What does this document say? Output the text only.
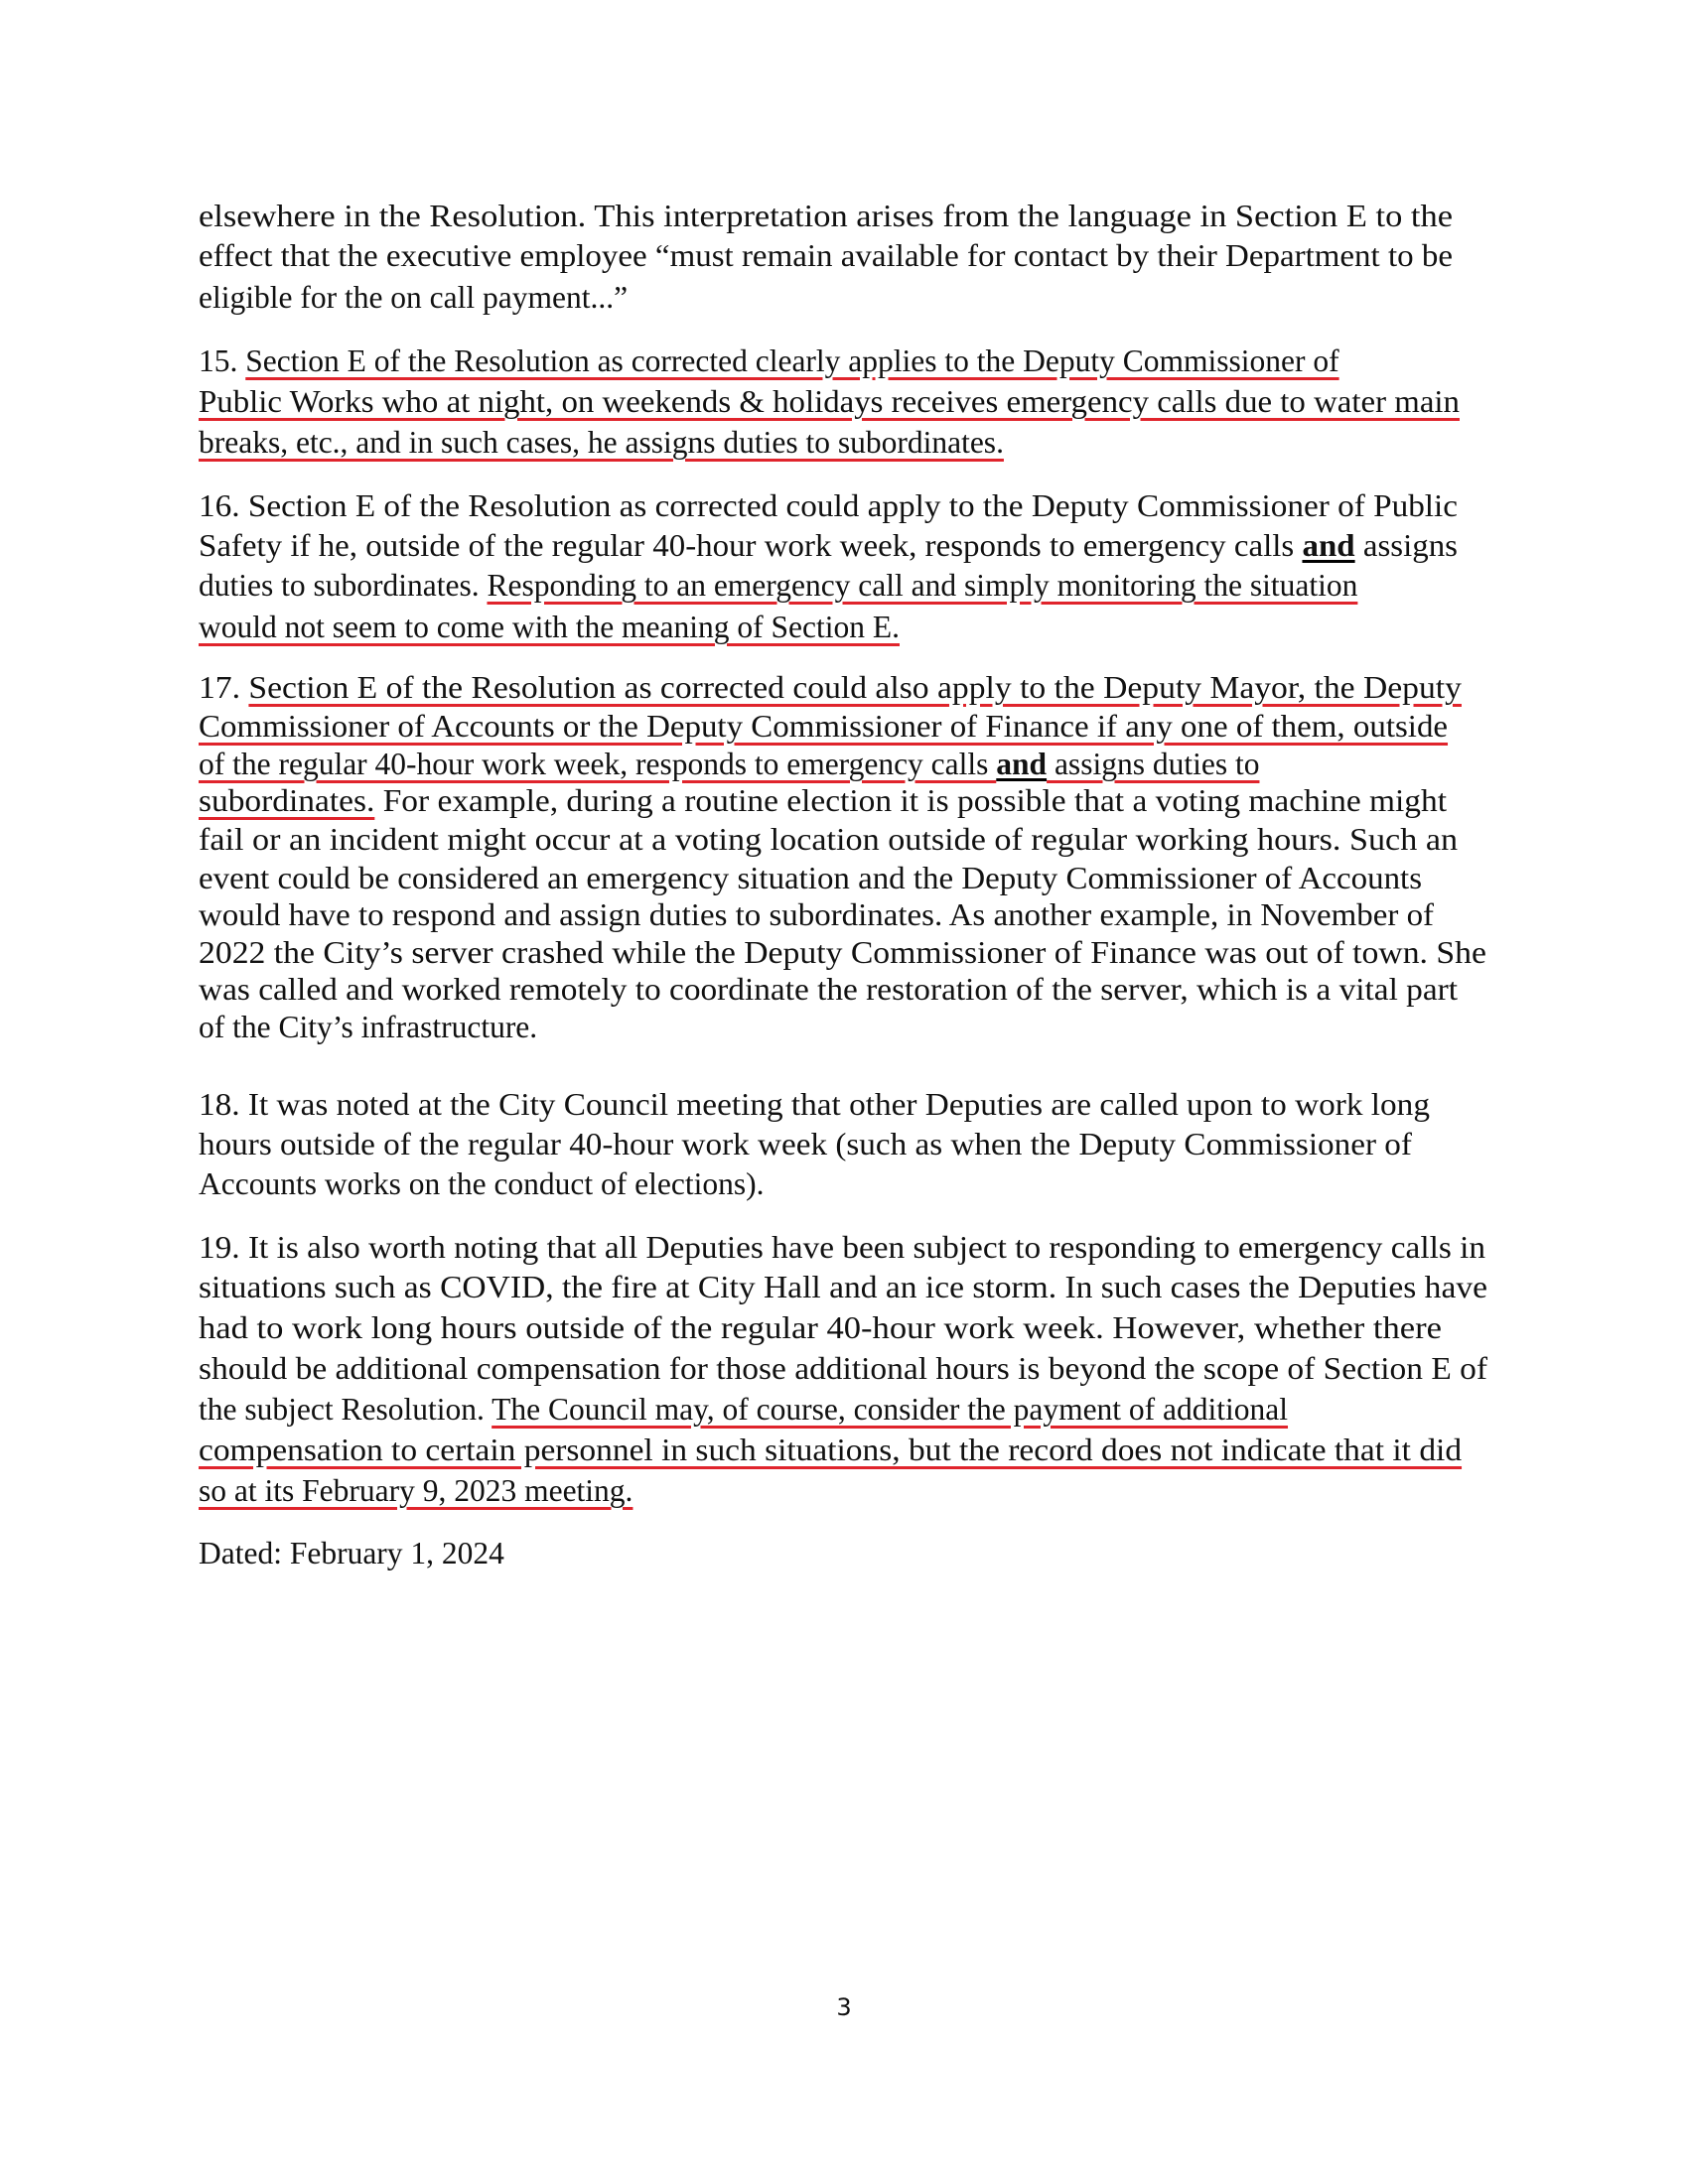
elsewhere in the Resolution. This interpretation arises from the language in Section E to the
effect that the executive employee “must remain available for contact by their Department to be
eligible for the on call payment...”
15. Section E of the Resolution as corrected clearly applies to the Deputy Commissioner of
Public Works who at night, on weekends & holidays receives emergency calls due to water main
breaks, etc., and in such cases, he assigns duties to subordinates.
16. Section E of the Resolution as corrected could apply to the Deputy Commissioner of Public
Safety if he, outside of the regular 40-hour work week, responds to emergency calls and assigns
duties to subordinates. Responding to an emergency call and simply monitoring the situation
would not seem to come with the meaning of Section E.
17. Section E of the Resolution as corrected could also apply to the Deputy Mayor, the Deputy
Commissioner of Accounts or the Deputy Commissioner of Finance if any one of them, outside
of the regular 40-hour work week, responds to emergency calls and assigns duties to
subordinates. For example, during a routine election it is possible that a voting machine might
fail or an incident might occur at a voting location outside of regular working hours. Such an
event could be considered an emergency situation and the Deputy Commissioner of Accounts
would have to respond and assign duties to subordinates. As another example, in November of
2022 the City’s server crashed while the Deputy Commissioner of Finance was out of town. She
was called and worked remotely to coordinate the restoration of the server, which is a vital part
of the City’s infrastructure.
18. It was noted at the City Council meeting that other Deputies are called upon to work long
hours outside of the regular 40-hour work week (such as when the Deputy Commissioner of
Accounts works on the conduct of elections).
19. It is also worth noting that all Deputies have been subject to responding to emergency calls in
situations such as COVID, the fire at City Hall and an ice storm. In such cases the Deputies have
had to work long hours outside of the regular 40-hour work week. However, whether there
should be additional compensation for those additional hours is beyond the scope of Section E of
the subject Resolution. The Council may, of course, consider the payment of additional
compensation to certain personnel in such situations, but the record does not indicate that it did
so at its February 9, 2023 meeting.
Dated: February 1, 2024
3
